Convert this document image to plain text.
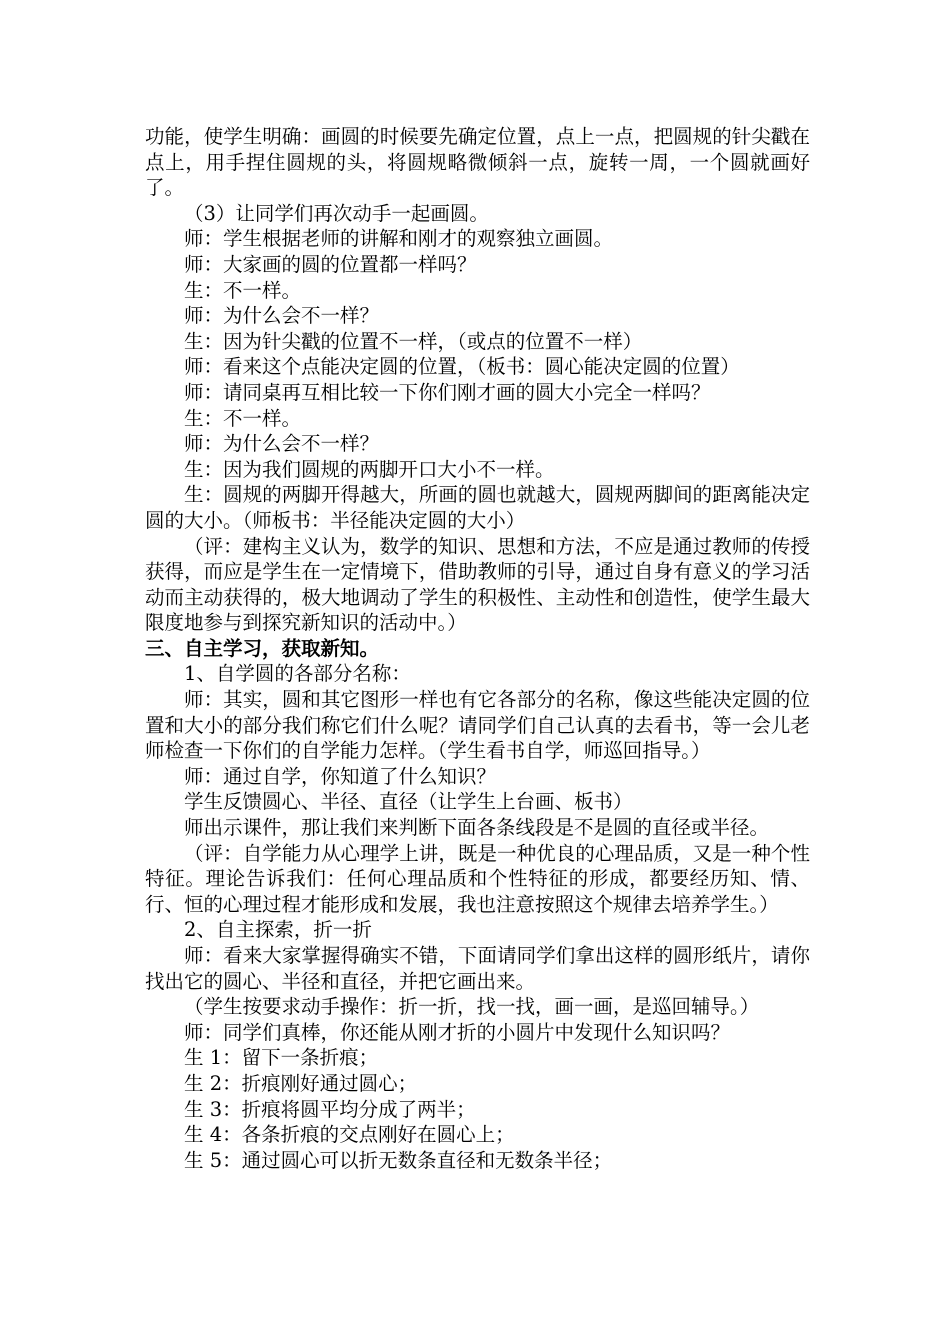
功能，使学生明确：画圆的时候要先确定位置，点上一点，把圆规的针尖戳在点上，用手捏住圆规的头，将圆规略微倾斜一点，旋转一周，一个圆就画好了。

（3）让同学们再次动手一起画圆。

师：学生根据老师的讲解和刚才的观察独立画圆。

师：大家画的圆的位置都一样吗？

生：不一样。

师：为什么会不一样？

生：因为针尖戳的位置不一样，（或点的位置不一样）

师：看来这个点能决定圆的位置，（板书：圆心能决定圆的位置）

师：请同桌再互相比较一下你们刚才画的圆大小完全一样吗？

生：不一样。

师：为什么会不一样？

生：因为我们圆规的两脚开口大小不一样。

生：圆规的两脚开得越大，所画的圆也就越大，圆规两脚间的距离能决定圆的大小。（师板书：半径能决定圆的大小）

（评：建构主义认为，数学的知识、思想和方法，不应是通过教师的传授获得，而应是学生在一定情境下，借助教师的引导，通过自身有意义的学习活动而主动获得的，极大地调动了学生的积极性、主动性和创造性，使学生最大限度地参与到探究新知识的活动中。）

三、自主学习，获取新知。

1、自学圆的各部分名称：

师：其实，圆和其它图形一样也有它各部分的名称，像这些能决定圆的位置和大小的部分我们称它们什么呢？请同学们自己认真的去看书，等一会儿老师检查一下你们的自学能力怎样。（学生看书自学，师巡回指导。）

师：通过自学，你知道了什么知识？

学生反馈圆心、半径、直径（让学生上台画、板书）

师出示课件，那让我们来判断下面各条线段是不是圆的直径或半径。

（评：自学能力从心理学上讲，既是一种优良的心理品质，又是一种个性特征。理论告诉我们：任何心理品质和个性特征的形成，都要经历知、情、行、恒的心理过程才能形成和发展，我也注意按照这个规律去培养学生。）

2、自主探索，折一折

师：看来大家掌握得确实不错，下面请同学们拿出这样的圆形纸片，请你找出它的圆心、半径和直径，并把它画出来。

（学生按要求动手操作：折一折，找一找，画一画，是巡回辅导。）

师：同学们真棒，你还能从刚才折的小圆片中发现什么知识吗？

生 1：留下一条折痕；

生 2：折痕刚好通过圆心；

生 3：折痕将圆平均分成了两半；

生 4：各条折痕的交点刚好在圆心上；

生 5：通过圆心可以折无数条直径和无数条半径；
